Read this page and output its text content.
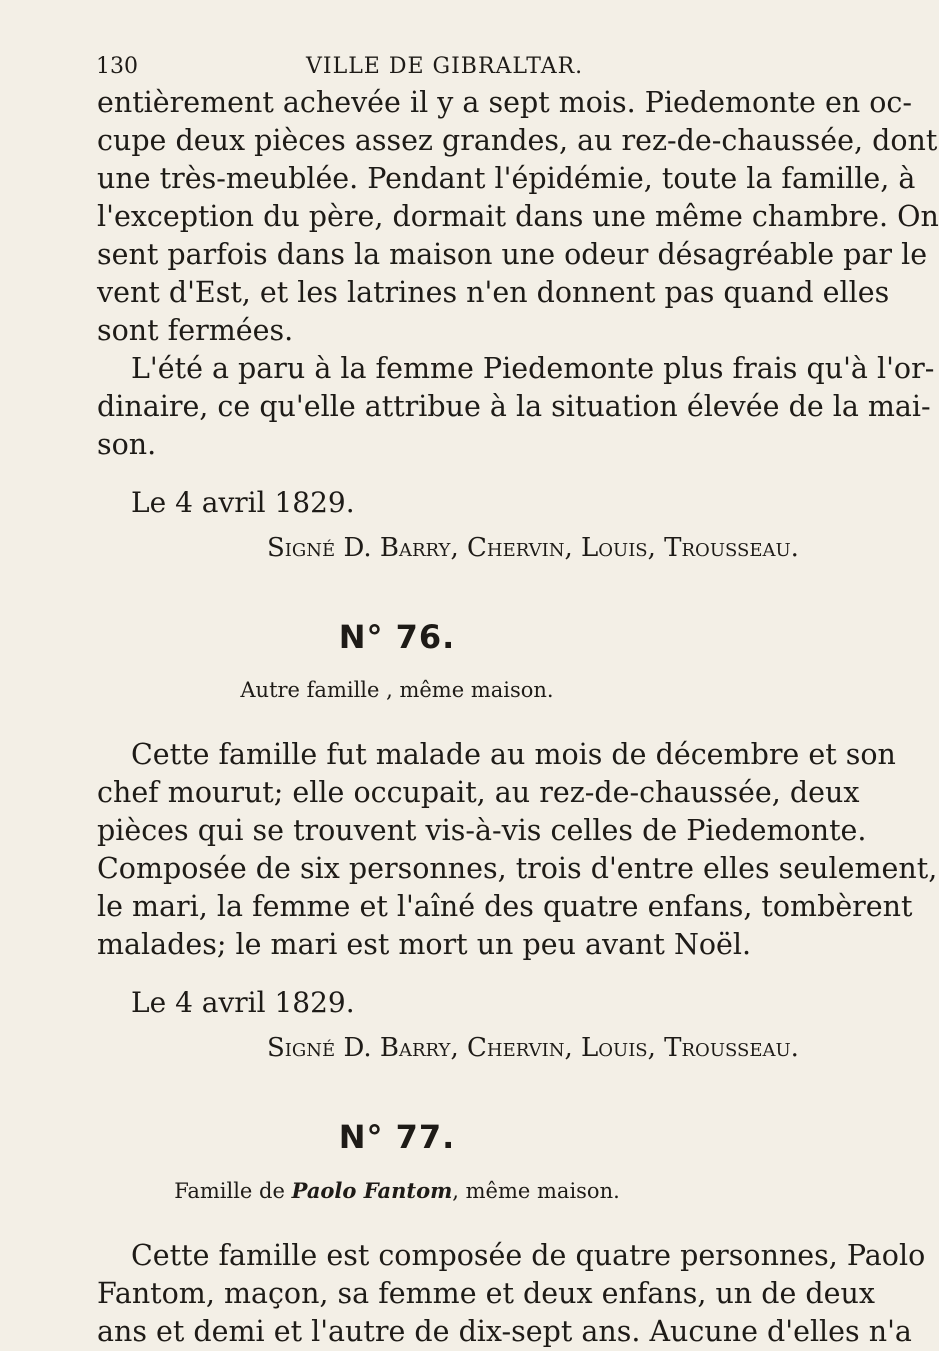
130	VILLE DE GIBRALTAR.
entièrement achevée il y a sept mois. Piedemonte en oc-
cupe deux pièces assez grandes, au rez-de-chaussée, dont
une très-meublée. Pendant l'épidémie, toute la famille, à
l'exception du père, dormait dans une même chambre. On
sent parfois dans la maison une odeur désagréable par le
vent d'Est, et les latrines n'en donnent pas quand elles
sont fermées.
L'été a paru à la femme Piedemonte plus frais qu'à l'or-
dinaire, ce qu'elle attribue à la situation élevée de la mai-
son.
Le 4 avril 1829.
Signé D. Barry, Chervin, Louis, Trousseau.
N° 76.
Autre famille , même maison.
Cette famille fut malade au mois de décembre et son
chef mourut; elle occupait, au rez-de-chaussée, deux
pièces qui se trouvent vis-à-vis celles de Piedemonte.
Composée de six personnes, trois d'entre elles seulement,
le mari, la femme et l'aîné des quatre enfans, tombèrent
malades; le mari est mort un peu avant Noël.
Le 4 avril 1829.
Signé D. Barry, Chervin, Louis, Trousseau.
N° 77.
Famille de Paolo Fantom, même maison.
Cette famille est composée de quatre personnes, Paolo
Fantom, maçon, sa femme et deux enfans, un de deux
ans et demi et l'autre de dix-sept ans. Aucune d'elles n'a
